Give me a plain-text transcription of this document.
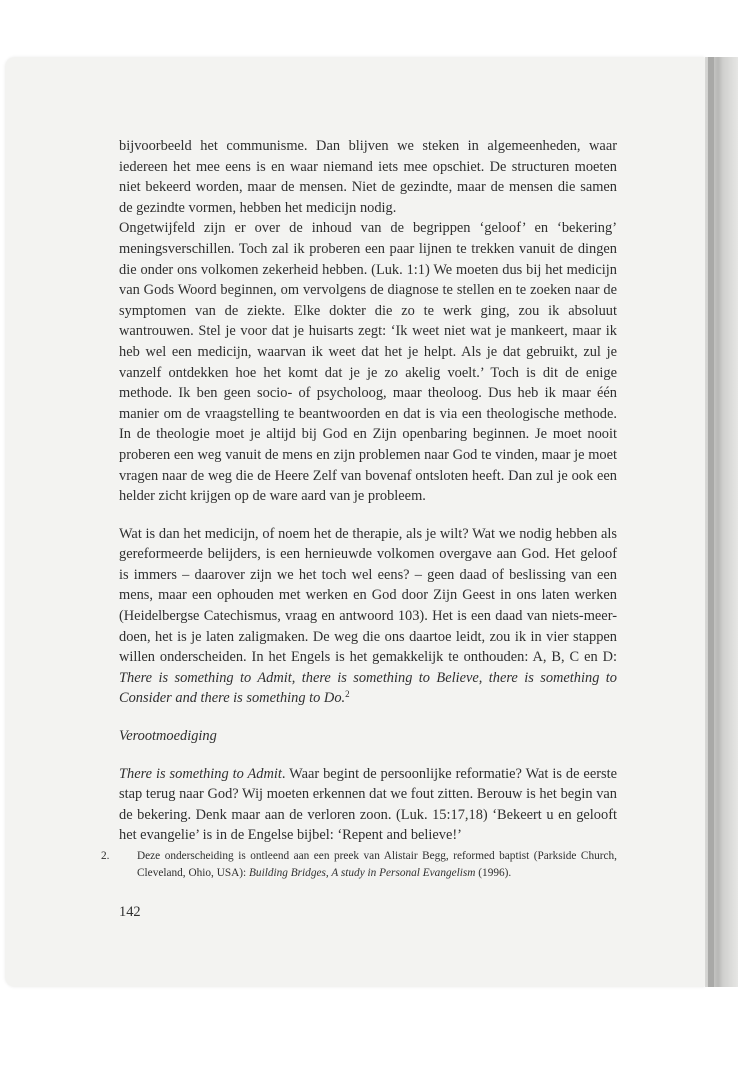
bijvoorbeeld het communisme. Dan blijven we steken in algemeenheden, waar iedereen het mee eens is en waar niemand iets mee opschiet. De structuren moeten niet bekeerd worden, maar de mensen. Niet de gezindte, maar de mensen die samen de gezindte vormen, hebben het medicijn nodig.

Ongetwijfeld zijn er over de inhoud van de begrippen ‘geloof’ en ‘bekering’ meningsverschillen. Toch zal ik proberen een paar lijnen te trekken vanuit de dingen die onder ons volkomen zekerheid hebben. (Luk. 1:1) We moeten dus bij het medicijn van Gods Woord beginnen, om vervolgens de diagnose te stellen en te zoeken naar de symptomen van de ziekte. Elke dokter die zo te werk ging, zou ik absoluut wantrouwen. Stel je voor dat je huisarts zegt: ‘Ik weet niet wat je mankeert, maar ik heb wel een medicijn, waarvan ik weet dat het je helpt. Als je dat gebruikt, zul je vanzelf ontdekken hoe het komt dat je je zo akelig voelt.’ Toch is dit de enige methode. Ik ben geen socio- of psycholoog, maar theoloog. Dus heb ik maar één manier om de vraagstelling te beantwoorden en dat is via een theologische methode. In de theologie moet je altijd bij God en Zijn openbaring beginnen. Je moet nooit proberen een weg vanuit de mens en zijn problemen naar God te vinden, maar je moet vragen naar de weg die de Heere Zelf van bovenaf ontsloten heeft. Dan zul je ook een helder zicht krijgen op de ware aard van je probleem.

Wat is dan het medicijn, of noem het de therapie, als je wilt? Wat we nodig hebben als gereformeerde belijders, is een hernieuwde volkomen overgave aan God. Het geloof is immers – daarover zijn we het toch wel eens? – geen daad of beslissing van een mens, maar een ophouden met werken en God door Zijn Geest in ons laten werken (Heidelbergse Catechismus, vraag en antwoord 103). Het is een daad van niets-meer-doen, het is je laten zaligmaken. De weg die ons daartoe leidt, zou ik in vier stappen willen onderscheiden. In het Engels is het gemakkelijk te onthouden: A, B, C en D: There is something to Admit, there is something to Believe, there is something to Consider and there is something to Do.$^2$

Verootmoediging

There is something to Admit. Waar begint de persoonlijke reformatie? Wat is de eerste stap terug naar God? Wij moeten erkennen dat we fout zitten. Berouw is het begin van de bekering. Denk maar aan de verloren zoon. (Luk. 15:17,18) ‘Bekeert u en gelooft het evangelie’ is in de Engelse bijbel: ‘Repent and believe!’

2. Deze onderscheiding is ontleend aan een preek van Alistair Begg, reformed baptist (Parkside Church, Cleveland, Ohio, USA): Building Bridges, A study in Personal Evangelism (1996).
142
